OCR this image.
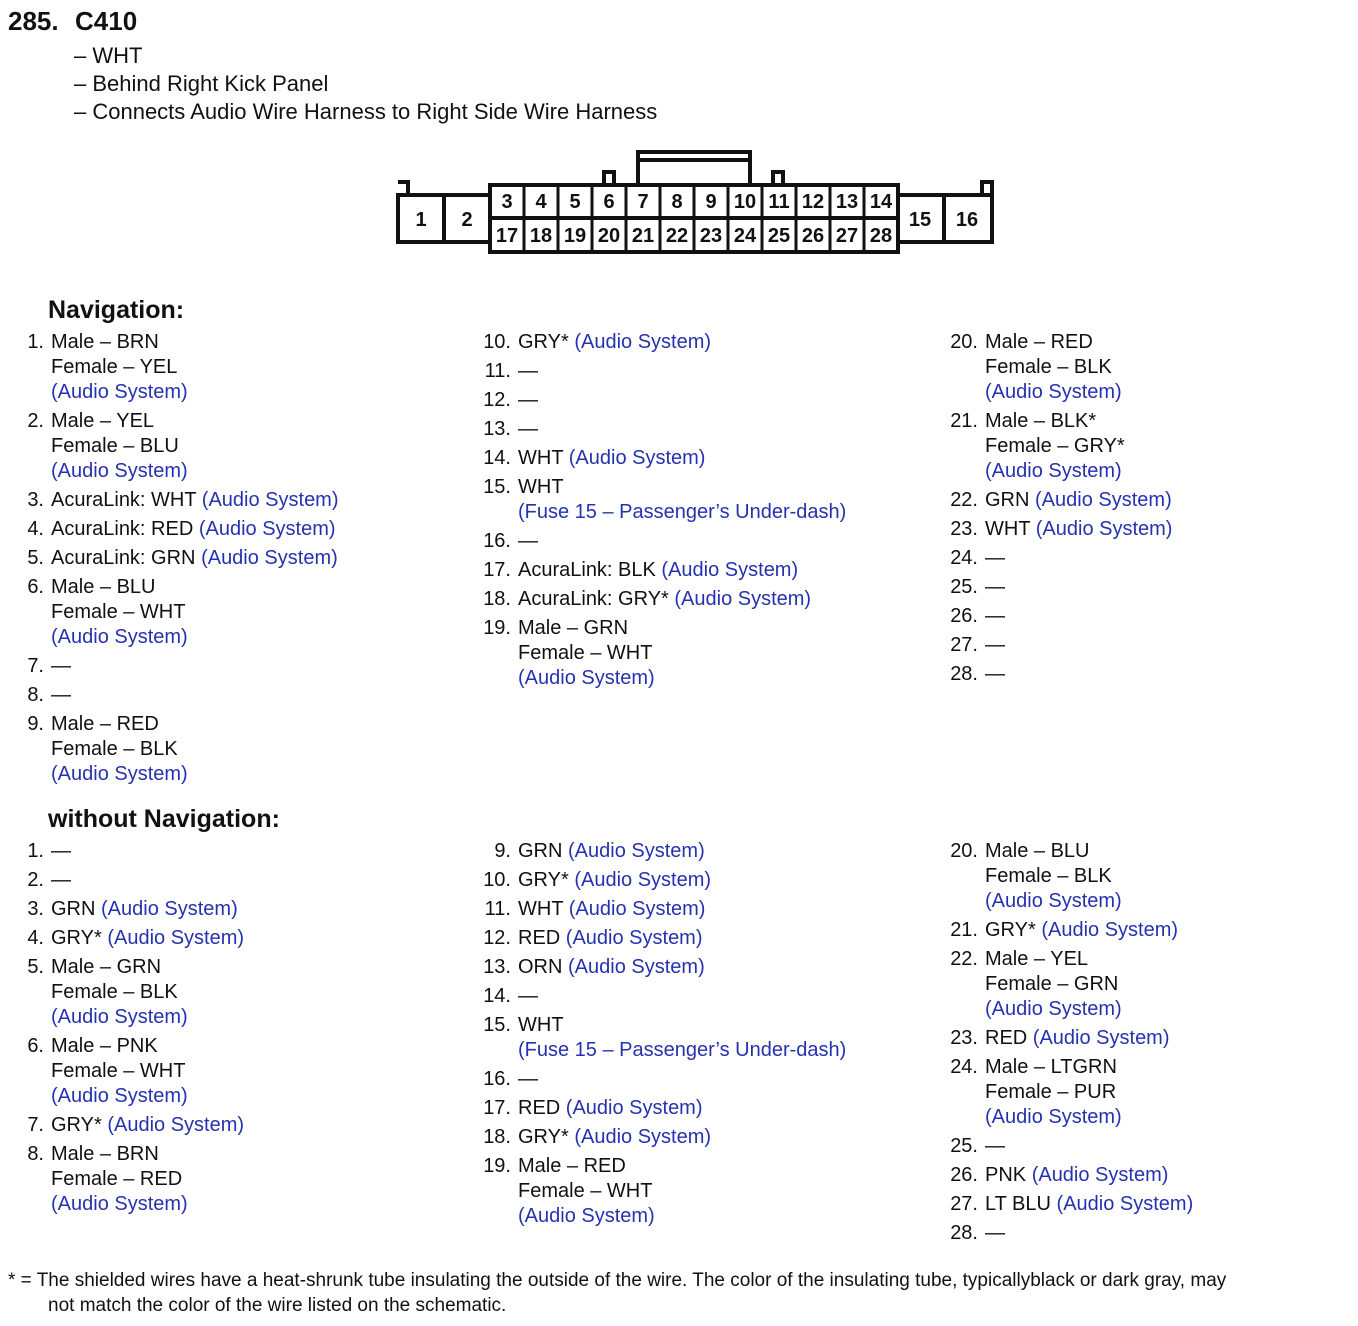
285. C410
– WHT
– Behind Right Kick Panel
– Connects Audio Wire Harness to Right Side Wire Harness
1 2	15 16
3 4 5 6 7 8 9 10 11 12 13 14
17 18 19 20 21 22 23 24 25 26 27 28
Navigation:
1. Male – BRN
Female – YEL
(Audio System)
2. Male – YEL
Female – BLU
(Audio System)
3. AcuraLink: WHT (Audio System)
4. AcuraLink: RED (Audio System)
5. AcuraLink: GRN (Audio System)
6. Male – BLU
Female – WHT
(Audio System)
7. —
8. —
9. Male – RED
Female – BLK
(Audio System)
10. GRY* (Audio System)
11. —
12. —
13. —
14. WHT (Audio System)
15. WHT
(Fuse 15 – Passenger’s Under-dash)
16. —
17. AcuraLink: BLK (Audio System)
18. AcuraLink: GRY* (Audio System)
19. Male – GRN
Female – WHT
(Audio System)
20. Male – RED
Female – BLK
(Audio System)
21. Male – BLK*
Female – GRY*
(Audio System)
22. GRN (Audio System)
23. WHT (Audio System)
24. —
25. —
26. —
27. —
28. —
without Navigation:
1. —
2. —
3. GRN (Audio System)
4. GRY* (Audio System)
5. Male – GRN
Female – BLK
(Audio System)
6. Male – PNK
Female – WHT
(Audio System)
7. GRY* (Audio System)
8. Male – BRN
Female – RED
(Audio System)
9. GRN (Audio System)
10. GRY* (Audio System)
11. WHT (Audio System)
12. RED (Audio System)
13. ORN (Audio System)
14. —
15. WHT
(Fuse 15 – Passenger’s Under-dash)
16. —
17. RED (Audio System)
18. GRY* (Audio System)
19. Male – RED
Female – WHT
(Audio System)
20. Male – BLU
Female – BLK
(Audio System)
21. GRY* (Audio System)
22. Male – YEL
Female – GRN
(Audio System)
23. RED (Audio System)
24. Male – LTGRN
Female – PUR
(Audio System)
25. —
26. PNK (Audio System)
27. LT BLU (Audio System)
28. —
* = The shielded wires have a heat-shrunk tube insulating the outside of the wire. The color of the insulating tube, typicallyblack or dark gray, may
not match the color of the wire listed on the schematic.
